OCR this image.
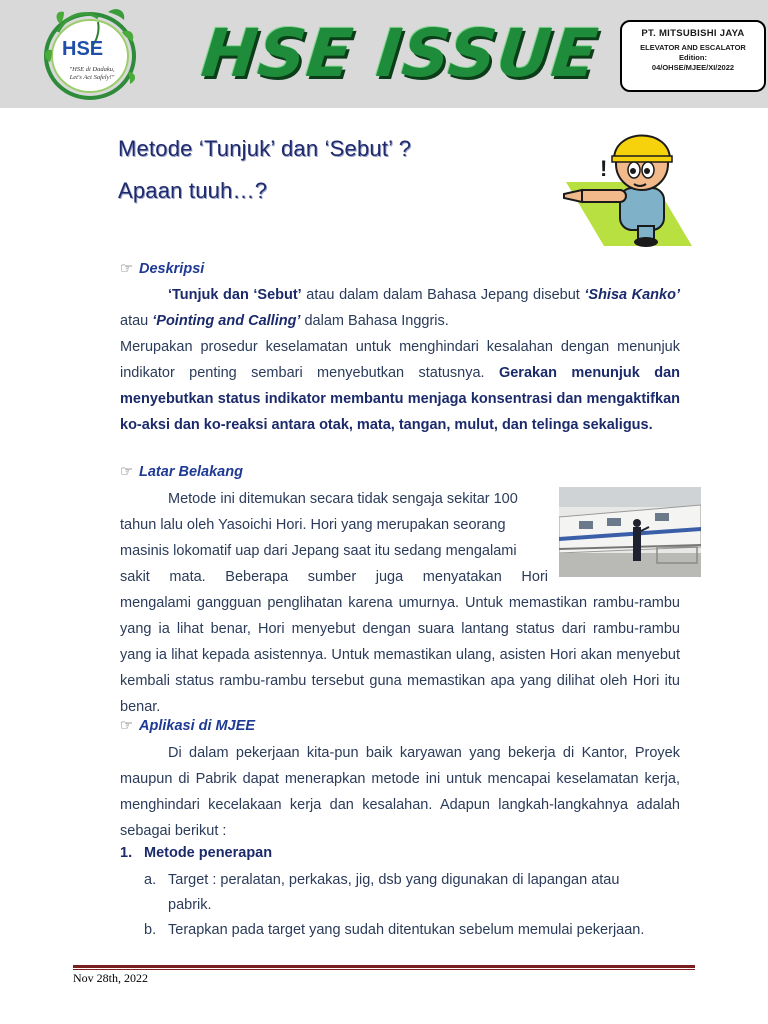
HSE
"HSE di Dadaku,
Let's Act Safely!" HSE ISSUE	PT. MITSUBISHI JAYA
ELEVATOR AND ESCALATOR
Edition:
04/OHSE/MJEE/XI/2022
Metode ‘Tunjuk’ dan ‘Sebut’ ?
Apaan tuuh…?
!
☞ Deskripsi

‘Tunjuk dan ‘Sebut’ atau dalam dalam Bahasa Jepang disebut ‘Shisa Kanko’ atau ‘Pointing and Calling’ dalam Bahasa Inggris.

Merupakan prosedur keselamatan untuk menghindari kesalahan dengan menunjuk indikator penting sembari menyebutkan statusnya. Gerakan menunjuk dan menyebutkan status indikator membantu menjaga konsentrasi dan mengaktifkan ko-aksi dan ko-reaksi antara otak, mata, tangan, mulut, dan telinga sekaligus.

☞ Latar Belakang

Metode ini ditemukan secara tidak sengaja sekitar 100

tahun lalu oleh Yasoichi Hori. Hori yang merupakan seorang

masinis lokomatif uap dari Jepang saat itu sedang mengalami

sakit mata. Beberapa sumber juga menyatakan Hori

mengalami gangguan penglihatan karena umurnya. Untuk memastikan rambu-rambu yang ia lihat benar, Hori menyebut dengan suara lantang status dari rambu-rambu yang ia lihat kepada asistennya. Untuk memastikan ulang, asisten Hori akan menyebut kembali status rambu-rambu tersebut guna memastikan apa yang dilihat oleh Hori itu benar.

☞ Aplikasi di MJEE

Di dalam pekerjaan kita-pun baik karyawan yang bekerja di Kantor, Proyek maupun di Pabrik dapat menerapkan metode ini untuk mencapai keselamatan kerja, menghindari kecelakaan kerja dan kesalahan. Adapun langkah-langkahnya adalah sebagai berikut :

1. Metode penerapan
a. Target : peralatan, perkakas, jig, dsb yang digunakan di lapangan atau
pabrik.
b. Terapkan pada target yang sudah ditentukan sebelum memulai pekerjaan.
Nov 28th, 2022
